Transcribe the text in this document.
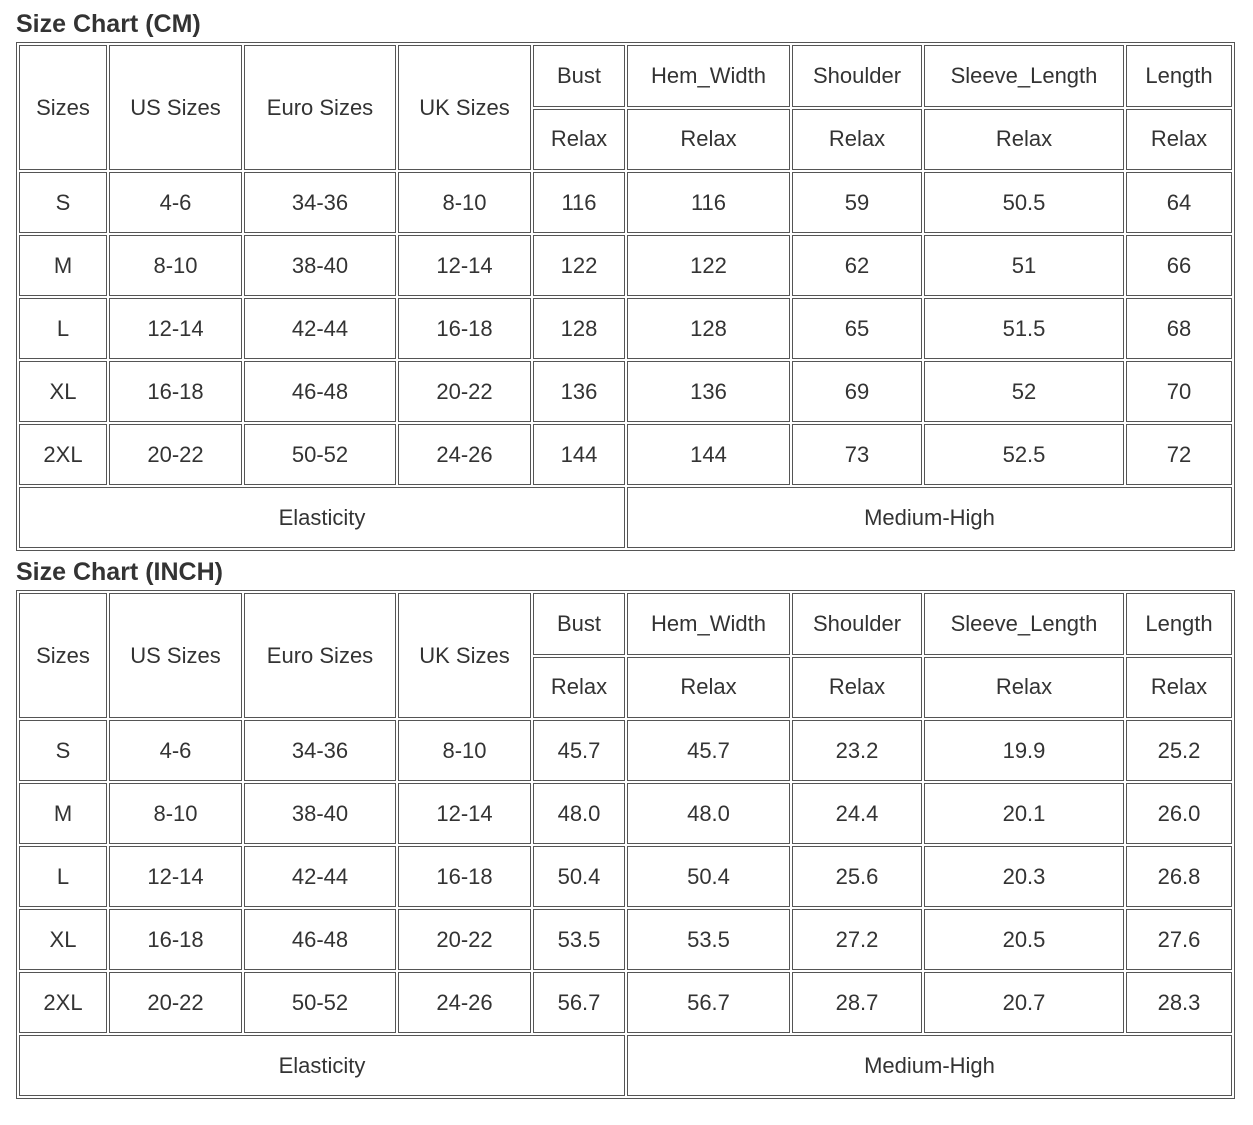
Size Chart (CM)
Sizes	US Sizes	Euro Sizes	UK Sizes	Bust	Hem_Width	Shoulder	Sleeve_Length	Length
				Relax	Relax	Relax	Relax	Relax
S	4-6	34-36	8-10	116	116	59	50.5	64
M	8-10	38-40	12-14	122	122	62	51	66
L	12-14	42-44	16-18	128	128	65	51.5	68
XL	16-18	46-48	20-22	136	136	69	52	70
2XL	20-22	50-52	24-26	144	144	73	52.5	72
Elasticity					Medium-High			
Size Chart (INCH)
Sizes	US Sizes	Euro Sizes	UK Sizes	Bust	Hem_Width	Shoulder	Sleeve_Length	Length
				Relax	Relax	Relax	Relax	Relax
S	4-6	34-36	8-10	45.7	45.7	23.2	19.9	25.2
M	8-10	38-40	12-14	48.0	48.0	24.4	20.1	26.0
L	12-14	42-44	16-18	50.4	50.4	25.6	20.3	26.8
XL	16-18	46-48	20-22	53.5	53.5	27.2	20.5	27.6
2XL	20-22	50-52	24-26	56.7	56.7	28.7	20.7	28.3
Elasticity					Medium-High			
